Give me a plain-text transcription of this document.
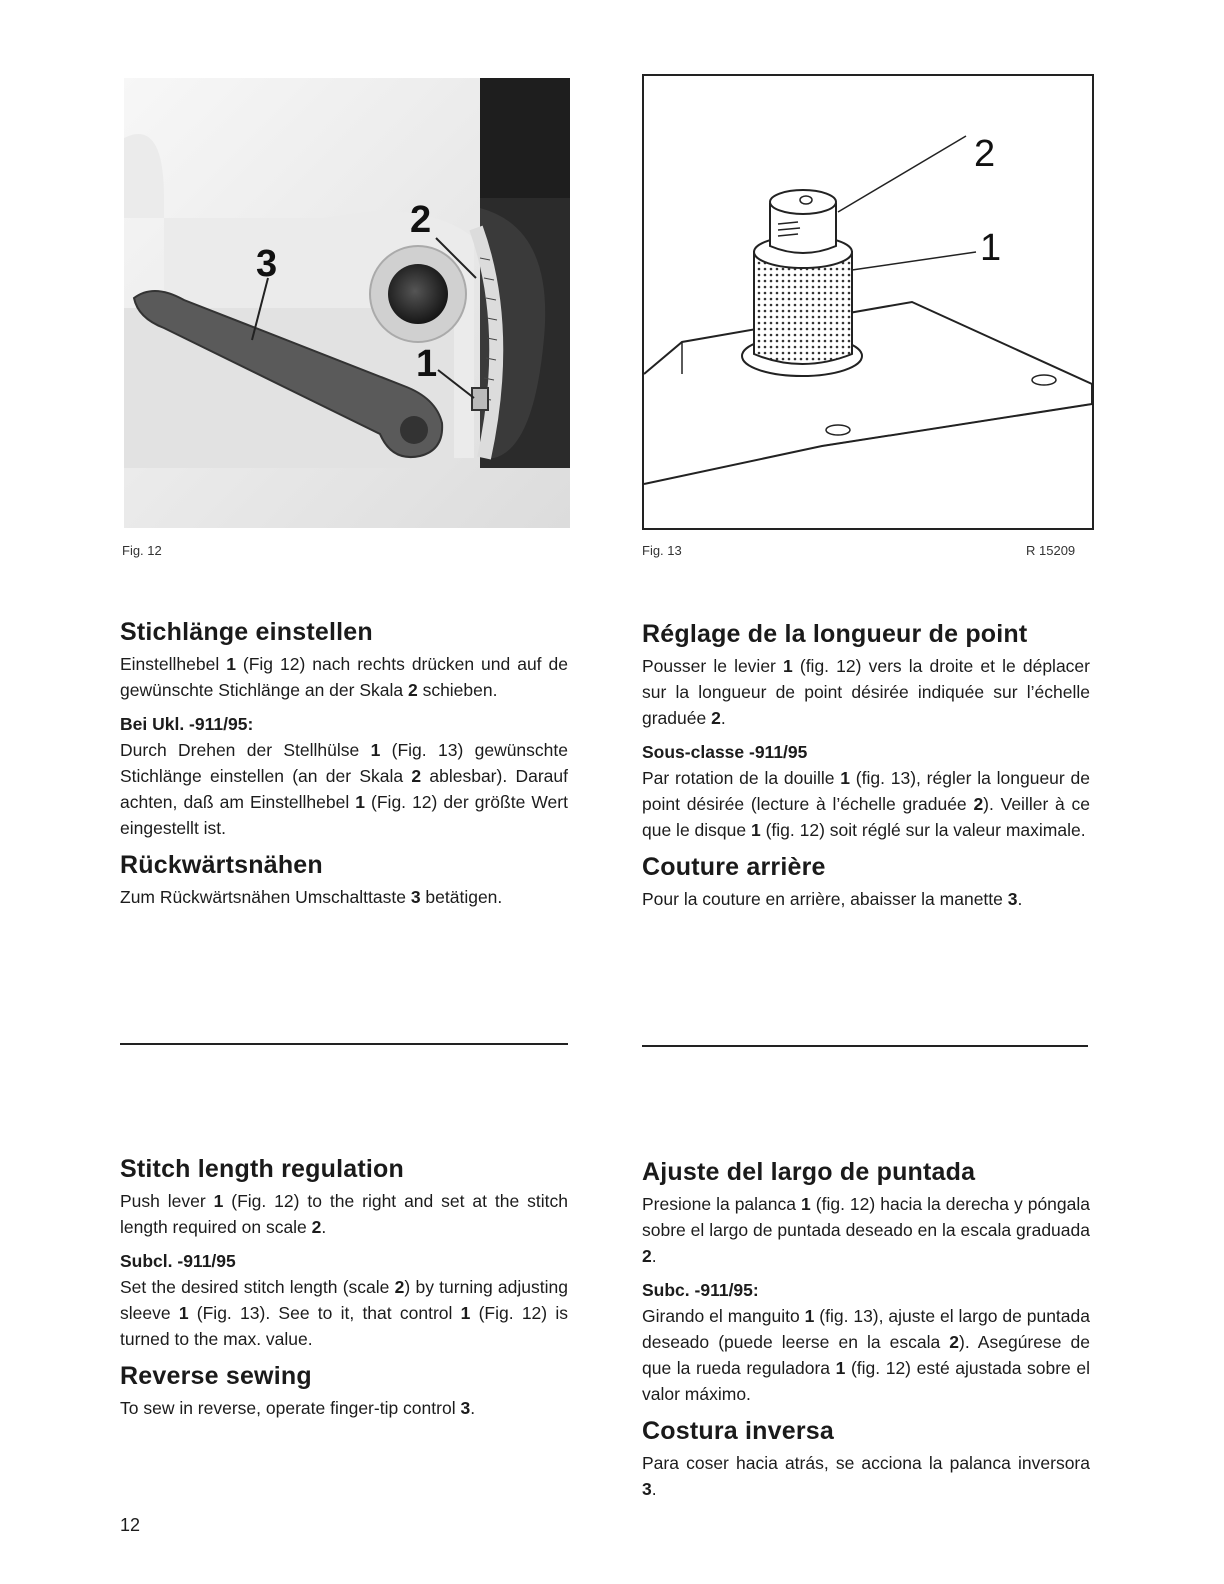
3
2
1
Fig. 12
2
1
Fig. 13	R 15209
Stichlänge einstellen

Einstellhebel 1 (Fig 12) nach rechts drücken und auf de gewünschte Stichlänge an der Skala 2 schieben.

Bei Ukl. -911/95:

Durch Drehen der Stellhülse 1 (Fig. 13) gewünschte Stichlänge einstellen (an der Skala 2 ablesbar). Darauf achten, daß am Einstellhebel 1 (Fig. 12) der größte Wert eingestellt ist.

Rückwärtsnähen

Zum Rückwärtsnähen Umschalttaste 3 betätigen.

Réglage de la longueur de point

Pousser le levier 1 (fig. 12) vers la droite et le déplacer sur la longueur de point désirée indiquée sur l’échelle graduée 2.

Sous-classe -911/95

Par rotation de la douille 1 (fig. 13), régler la longueur de point désirée (lecture à l’échelle graduée 2). Veiller à ce que le disque 1 (fig. 12) soit réglé sur la valeur maximale.

Couture arrière

Pour la couture en arrière, abaisser la manette 3.

Stitch length regulation

Push lever 1 (Fig. 12) to the right and set at the stitch length required on scale 2.

Subcl. -911/95

Set the desired stitch length (scale 2) by turning adjusting sleeve 1 (Fig. 13). See to it, that control 1 (Fig. 12) is turned to the max. value.

Reverse sewing

To sew in reverse, operate finger-tip control 3.

Ajuste del largo de puntada

Presione la palanca 1 (fig. 12) hacia la derecha y póngala sobre el largo de puntada deseado en la escala graduada 2.

Subc. -911/95:

Girando el manguito 1 (fig. 13), ajuste el largo de puntada deseado (puede leerse en la escala 2). Asegúrese de que la rueda reguladora 1 (fig. 12) esté ajustada sobre el valor máximo.

Costura inversa

Para coser hacia atrás, se acciona la palanca inversora 3.

12
